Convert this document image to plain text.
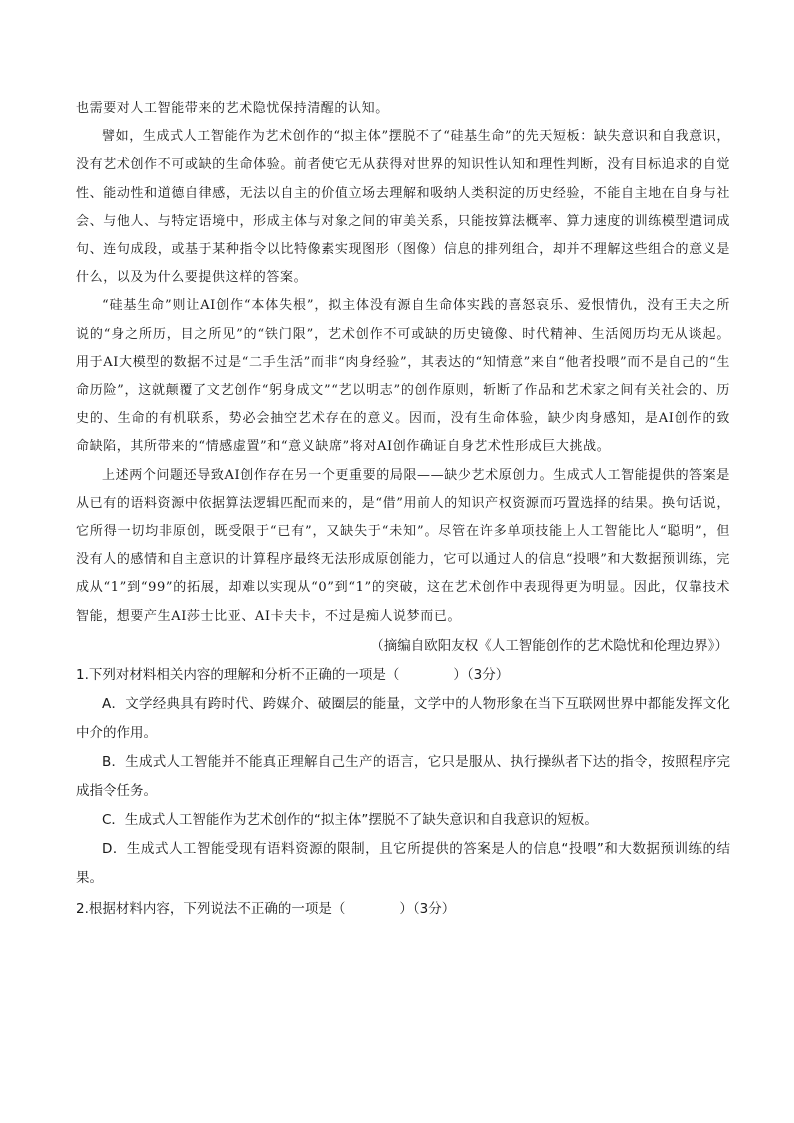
也需要对人工智能带来的艺术隐忧保持清醒的认知。

譬如，生成式人工智能作为艺术创作的“拟主体”摆脱不了“硅基生命”的先天短板：缺失意识和自我意识，没有艺术创作不可或缺的生命体验。前者使它无从获得对世界的知识性认知和理性判断，没有目标追求的自觉性、能动性和道德自律感，无法以自主的价值立场去理解和吸纳人类积淀的历史经验，不能自主地在自身与社会、与他人、与特定语境中，形成主体与对象之间的审美关系，只能按算法概率、算力速度的训练模型遣词成句、连句成段，或基于某种指令以比特像素实现图形（图像）信息的排列组合，却并不理解这些组合的意义是什么，以及为什么要提供这样的答案。

“硅基生命”则让AI创作“本体失根”，拟主体没有源自生命体实践的喜怒哀乐、爱恨情仇，没有王夫之所说的“身之所历，目之所见”的“铁门限”，艺术创作不可或缺的历史镜像、时代精神、生活阅历均无从谈起。用于AI大模型的数据不过是“二手生活”而非“肉身经验”，其表达的“知情意”来自“他者投喂”而不是自己的“生命历险”，这就颠覆了文艺创作“躬身成文”“艺以明志”的创作原则，斩断了作品和艺术家之间有关社会的、历史的、生命的有机联系，势必会抽空艺术存在的意义。因而，没有生命体验，缺少肉身感知，是AI创作的致命缺陷，其所带来的“情感虚置”和“意义缺席”将对AI创作确证自身艺术性形成巨大挑战。

上述两个问题还导致AI创作存在另一个更重要的局限——缺少艺术原创力。生成式人工智能提供的答案是从已有的语料资源中依据算法逻辑匹配而来的，是“借”用前人的知识产权资源而巧置选择的结果。换句话说，它所得一切均非原创，既受限于“已有”，又缺失于“未知”。尽管在许多单项技能上人工智能比人“聪明”，但没有人的感情和自主意识的计算程序最终无法形成原创能力，它可以通过人的信息“投喂”和大数据预训练，完成从“1”到“99”的拓展，却难以实现从“0”到“1”的突破，这在艺术创作中表现得更为明显。因此，仅靠技术智能，想要产生AI莎士比亚、AI卡夫卡，不过是痴人说梦而已。

（摘编自欧阳友权《人工智能创作的艺术隐忧和伦理边界》）

1.下列对材料相关内容的理解和分析不正确的一项是（　　　　）（3分）

A．文学经典具有跨时代、跨媒介、破圈层的能量，文学中的人物形象在当下互联网世界中都能发挥文化中介的作用。

B．生成式人工智能并不能真正理解自己生产的语言，它只是服从、执行操纵者下达的指令，按照程序完成指令任务。

C．生成式人工智能作为艺术创作的“拟主体”摆脱不了缺失意识和自我意识的短板。

D．生成式人工智能受现有语料资源的限制，且它所提供的答案是人的信息“投喂”和大数据预训练的结果。

2.根据材料内容，下列说法不正确的一项是（　　　　）（3分）
